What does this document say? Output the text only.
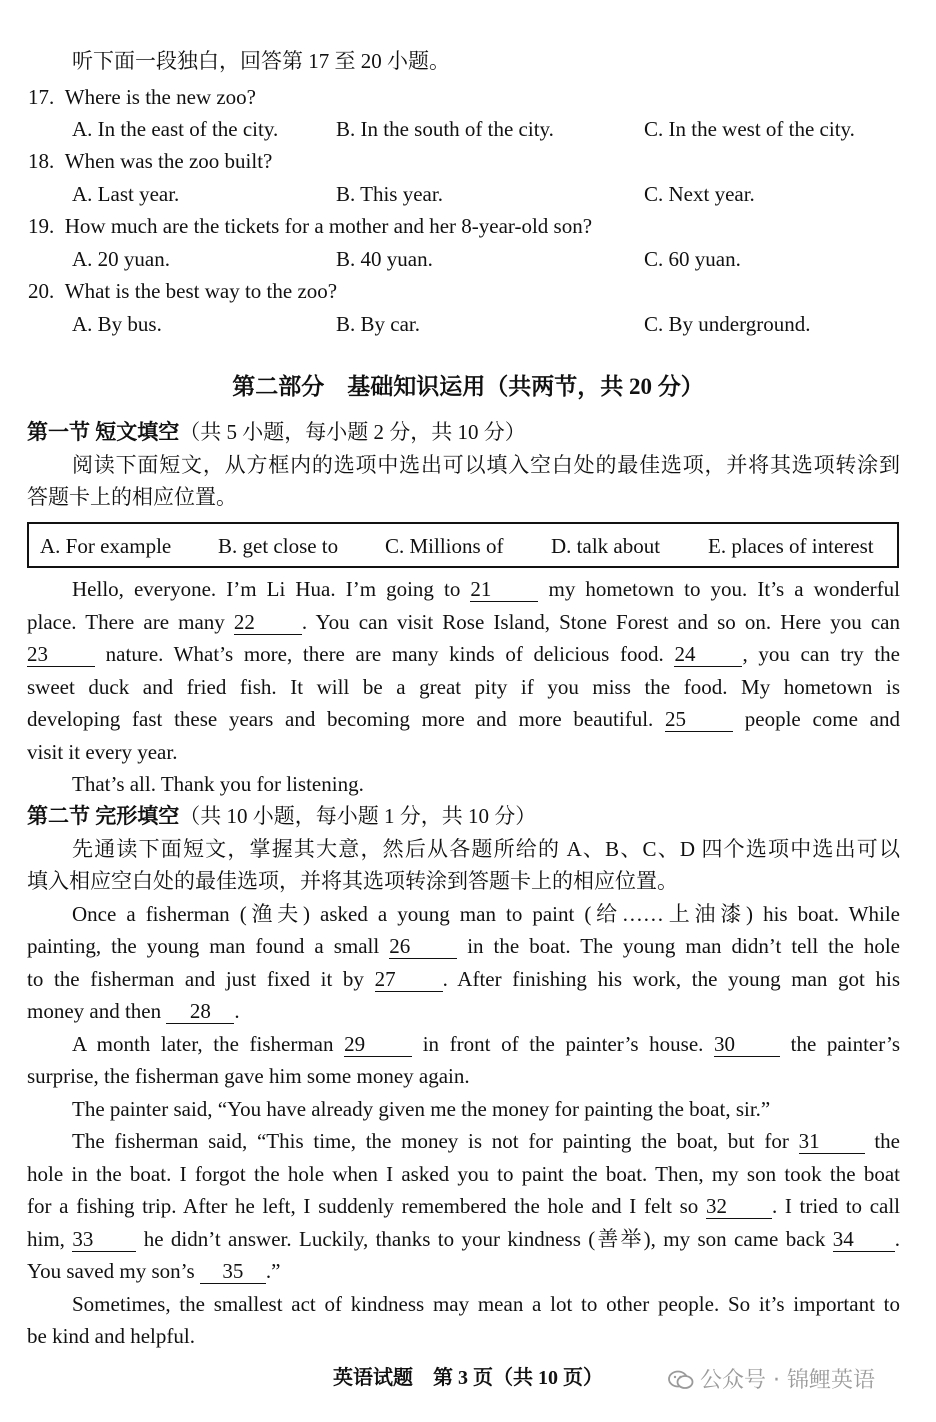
听下面一段独白，回答第 17 至 20 小题。
17. Where is the new zoo?
A. In the east of the city.	B. In the south of the city.	C. In the west of the city.
18. When was the zoo built?
A. Last year.	B. This year.	C. Next year.
19. How much are the tickets for a mother and her 8-year-old son?
A. 20 yuan.	B. 40 yuan.	C. 60 yuan.
20. What is the best way to the zoo?
A. By bus.	B. By car.	C. By underground.
第二部分　基础知识运用（共两节，共 20 分）
第一节 短文填空（共 5 小题，每小题 2 分，共 10 分）
阅读下面短文，从方框内的选项中选出可以填入空白处的最佳选项，并将其选项转涂到
答题卡上的相应位置。
A. For example B. get close to C. Millions of D. talk about E. places of interest
Hello, everyone. I’m Li Hua. I’m going to 21 my hometown to you. It’s a wonderful
place. There are many 22 . You can visit Rose Island, Stone Forest and so on. Here you can
23 nature. What’s more, there are many kinds of delicious food. 24 , you can try the
sweet duck and fried fish. It will be a great pity if you miss the food. My hometown is
developing fast these years and becoming more and more beautiful. 25 people come and
visit it every year.
That’s all. Thank you for listening.
第二节 完形填空（共 10 小题，每小题 1 分，共 10 分）
先通读下面短文，掌握其大意，然后从各题所给的 A、B、C、D 四个选项中选出可以
填入相应空白处的最佳选项，并将其选项转涂到答题卡上的相应位置。
Once a fisherman (渔夫) asked a young man to paint (给……上油漆) his boat. While
painting, the young man found a small 26 in the boat. The young man didn’t tell the hole
to the fisherman and just fixed it by 27 . After finishing his work, the young man got his
money and then 28 .
A month later, the fisherman 29 in front of the painter’s house. 30 the painter’s
surprise, the fisherman gave him some money again.
The painter said, “You have already given me the money for painting the boat, sir.”
The fisherman said, “This time, the money is not for painting the boat, but for 31 the
hole in the boat. I forgot the hole when I asked you to paint the boat. Then, my son took the boat
for a fishing trip. After he left, I suddenly remembered the hole and I felt so 32 . I tried to call
him, 33 he didn’t answer. Luckily, thanks to your kindness (善举), my son came back 34 .
You saved my son’s 35 .”
Sometimes, the smallest act of kindness may mean a lot to other people. So it’s important to
be kind and helpful.
英语试题　第 3 页（共 10 页）	公众号 · 锦鲤英语
